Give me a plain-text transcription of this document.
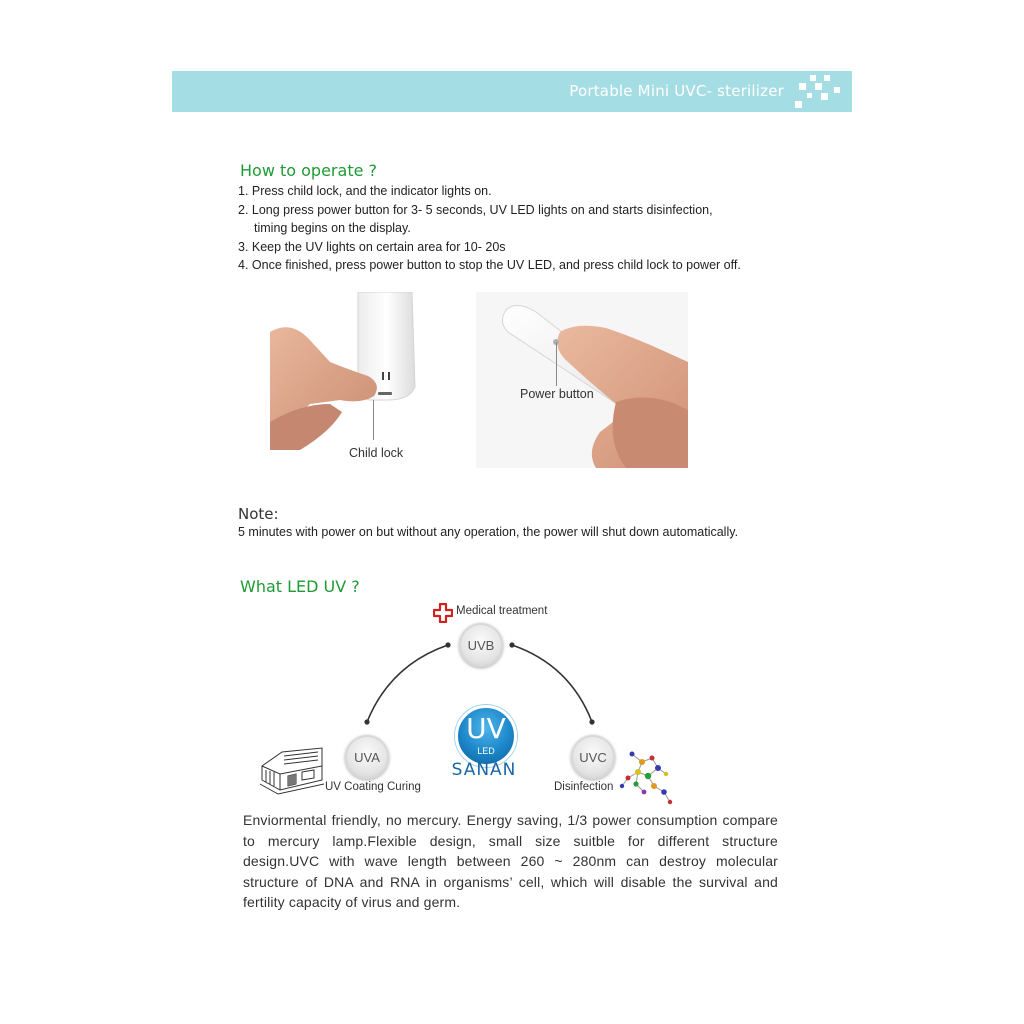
Portable Mini UVC- sterilizer
How to operate ?
1. Press child lock, and the indicator lights on.
2. Long press power button for 3- 5 seconds, UV LED lights on and starts disinfection,
timing begins on the display.
3. Keep the UV lights on certain area for 10- 20s
4. Once finished, press power button to stop the UV LED, and press child lock to power off.
Child lock
Power button
Note:
5 minutes with power on but without any operation, the power will shut down automatically.
What LED UV ?
Medical treatment
UVB
UVA	UVC
UV
LED
SANAN
UV Coating Curing	Disinfection
Enviormental friendly, no mercury. Energy saving, 1/3 power consumption compare to mercury lamp.Flexible design, small size suitble for different structure design.UVC with wave length between 260 ~ 280nm can destroy molecular structure of DNA and RNA in organisms’ cell, which will disable the survival and fertility capacity of virus and germ.
